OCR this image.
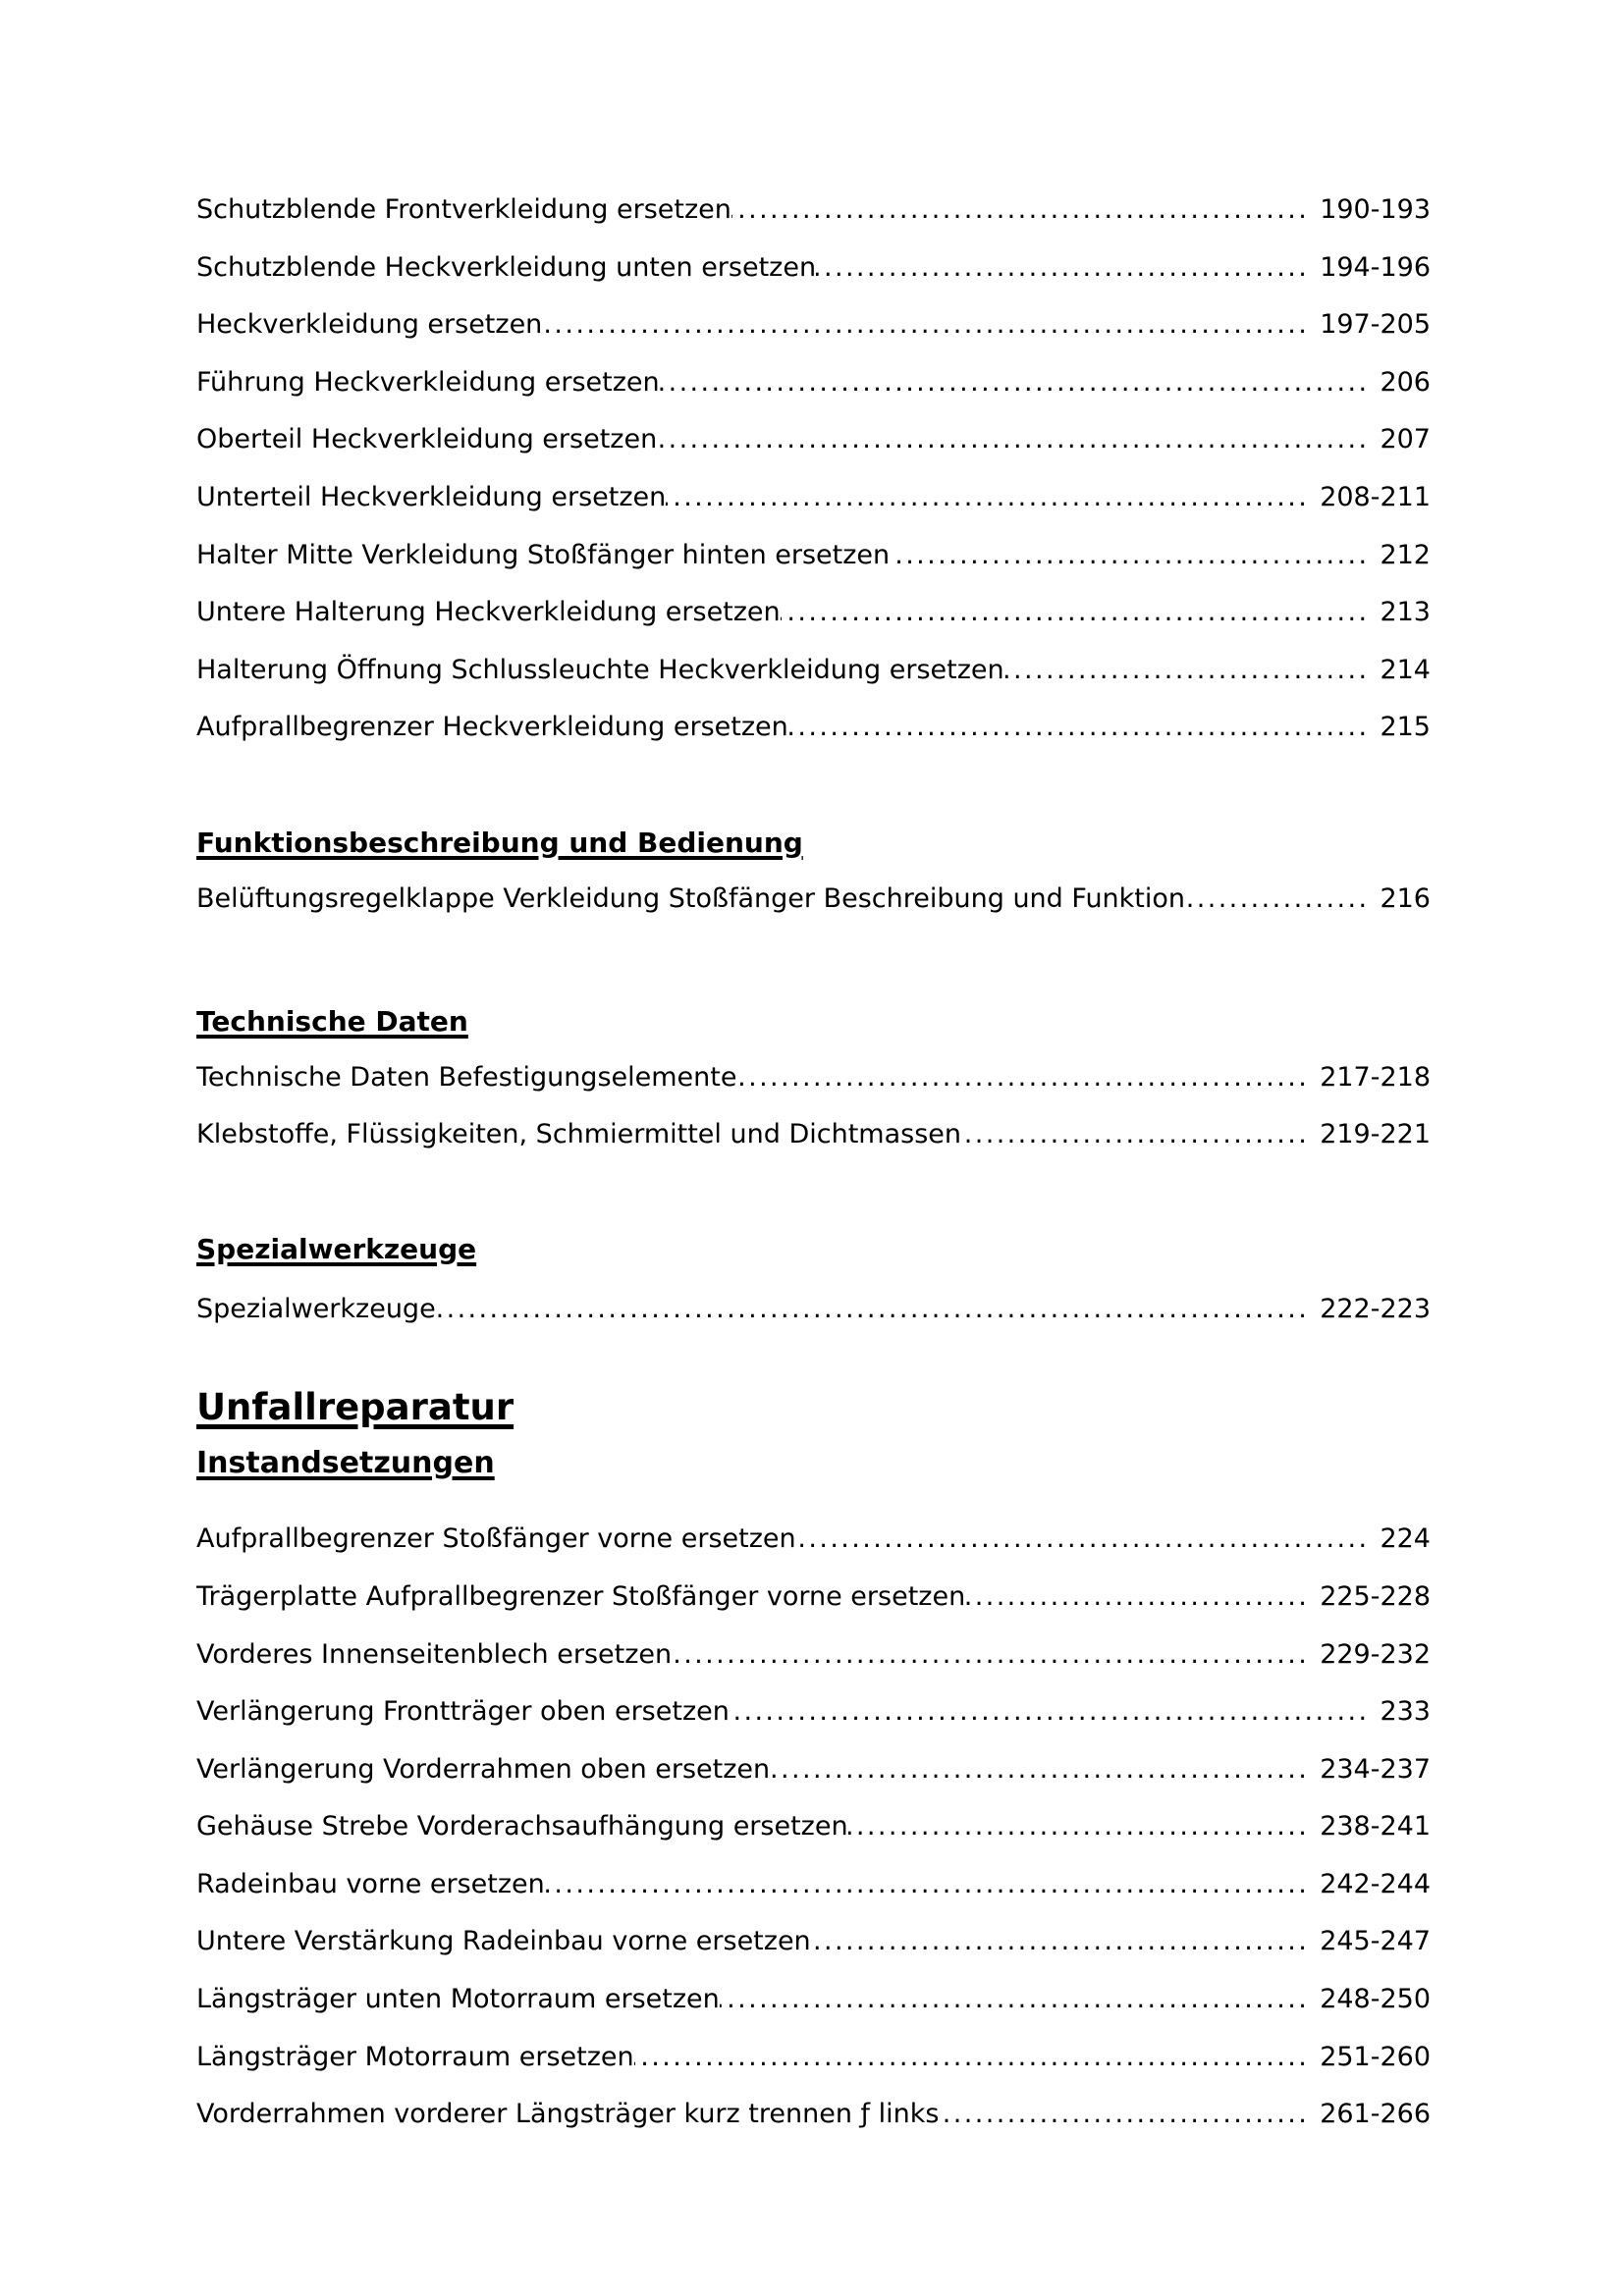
Schutzblende Frontverkleidung ersetzen .....	190-193
Schutzblende Heckverkleidung unten ersetzen .....	194-196
Heckverkleidung ersetzen .....	197-205
Führung Heckverkleidung ersetzen .....	206
Oberteil Heckverkleidung ersetzen .....	207
Unterteil Heckverkleidung ersetzen .....	208-211
Halter Mitte Verkleidung Stoßfänger hinten ersetzen .....	212
Untere Halterung Heckverkleidung ersetzen .....	213
Halterung Öffnung Schlussleuchte Heckverkleidung ersetzen .....	214
Aufprallbegrenzer Heckverkleidung ersetzen .....	215
Funktionsbeschreibung und Bedienung
Belüftungsregelklappe Verkleidung Stoßfänger Beschreibung und Funktion .....	216
Technische Daten
Technische Daten Befestigungselemente .....	217-218
Klebstoffe, Flüssigkeiten, Schmiermittel und Dichtmassen .....	219-221
Spezialwerkzeuge
Spezialwerkzeuge .....	222-223
Unfallreparatur
Instandsetzungen
Aufprallbegrenzer Stoßfänger vorne ersetzen .....	224
Trägerplatte Aufprallbegrenzer Stoßfänger vorne ersetzen .....	225-228
Vorderes Innenseitenblech ersetzen .....	229-232
Verlängerung Frontträger oben ersetzen .....	233
Verlängerung Vorderrahmen oben ersetzen .....	234-237
Gehäuse Strebe Vorderachsaufhängung ersetzen .....	238-241
Radeinbau vorne ersetzen .....	242-244
Untere Verstärkung Radeinbau vorne ersetzen .....	245-247
Längsträger unten Motorraum ersetzen .....	248-250
Längsträger Motorraum ersetzen .....	251-260
Vorderrahmen vorderer Längsträger kurz trennen ƒ links .....	261-266
